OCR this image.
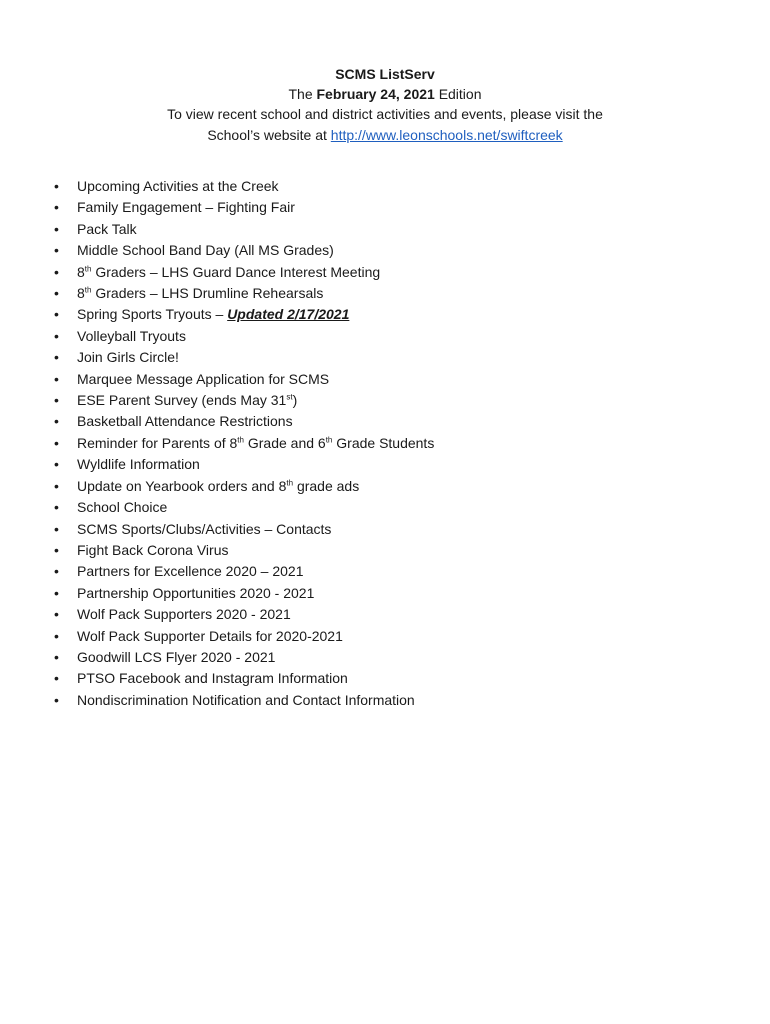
SCMS ListServ
The February 24, 2021 Edition
To view recent school and district activities and events, please visit the
School’s website at http://www.leonschools.net/swiftcreek
• Upcoming Activities at the Creek
• Family Engagement – Fighting Fair
• Pack Talk
• Middle School Band Day (All MS Grades)
• 8th Graders – LHS Guard Dance Interest Meeting
• 8th Graders – LHS Drumline Rehearsals
• Spring Sports Tryouts – Updated 2/17/2021
• Volleyball Tryouts
• Join Girls Circle!
• Marquee Message Application for SCMS
• ESE Parent Survey (ends May 31st)
• Basketball Attendance Restrictions
• Reminder for Parents of 8th Grade and 6th Grade Students
• Wyldlife Information
• Update on Yearbook orders and 8th grade ads
• School Choice
• SCMS Sports/Clubs/Activities – Contacts
• Fight Back Corona Virus
• Partners for Excellence 2020 – 2021
• Partnership Opportunities 2020 - 2021
• Wolf Pack Supporters 2020 - 2021
• Wolf Pack Supporter Details for 2020-2021
• Goodwill LCS Flyer 2020 - 2021
• PTSO Facebook and Instagram Information
• Nondiscrimination Notification and Contact Information
